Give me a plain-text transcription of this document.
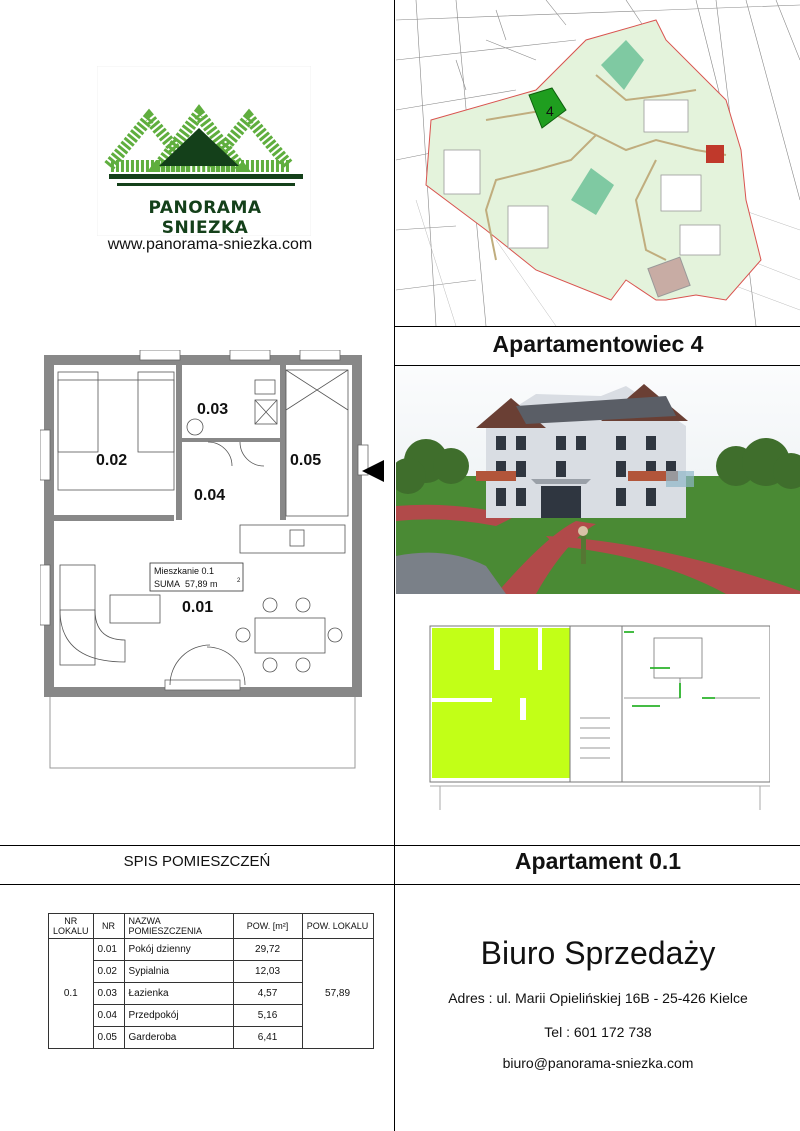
PANORAMA SNIEZKA
www.panorama-sniezka.com
4
Apartamentowiec 4
0.02
0.03
0.04
0.05
0.01
Mieszkanie 0.1
SUMA 57,89 m	2
SPIS POMIESZCZEŃ	Apartament 0.1
NR LOKALU	NR	NAZWA POMIESZCZENIA	POW. [m²]	POW. LOKALU
0.1	0.01	Pokój dzienny	29,72	57,89
	0.02	Sypialnia	12,03	
	0.03	Łazienka	4,57	
	0.04	Przedpokój	5,16	
	0.05	Garderoba	6,41	
Biuro Sprzedaży
Adres : ul. Marii Opielińskiej 16B - 25-426 Kielce
Tel : 601 172 738
biuro@panorama-sniezka.com
